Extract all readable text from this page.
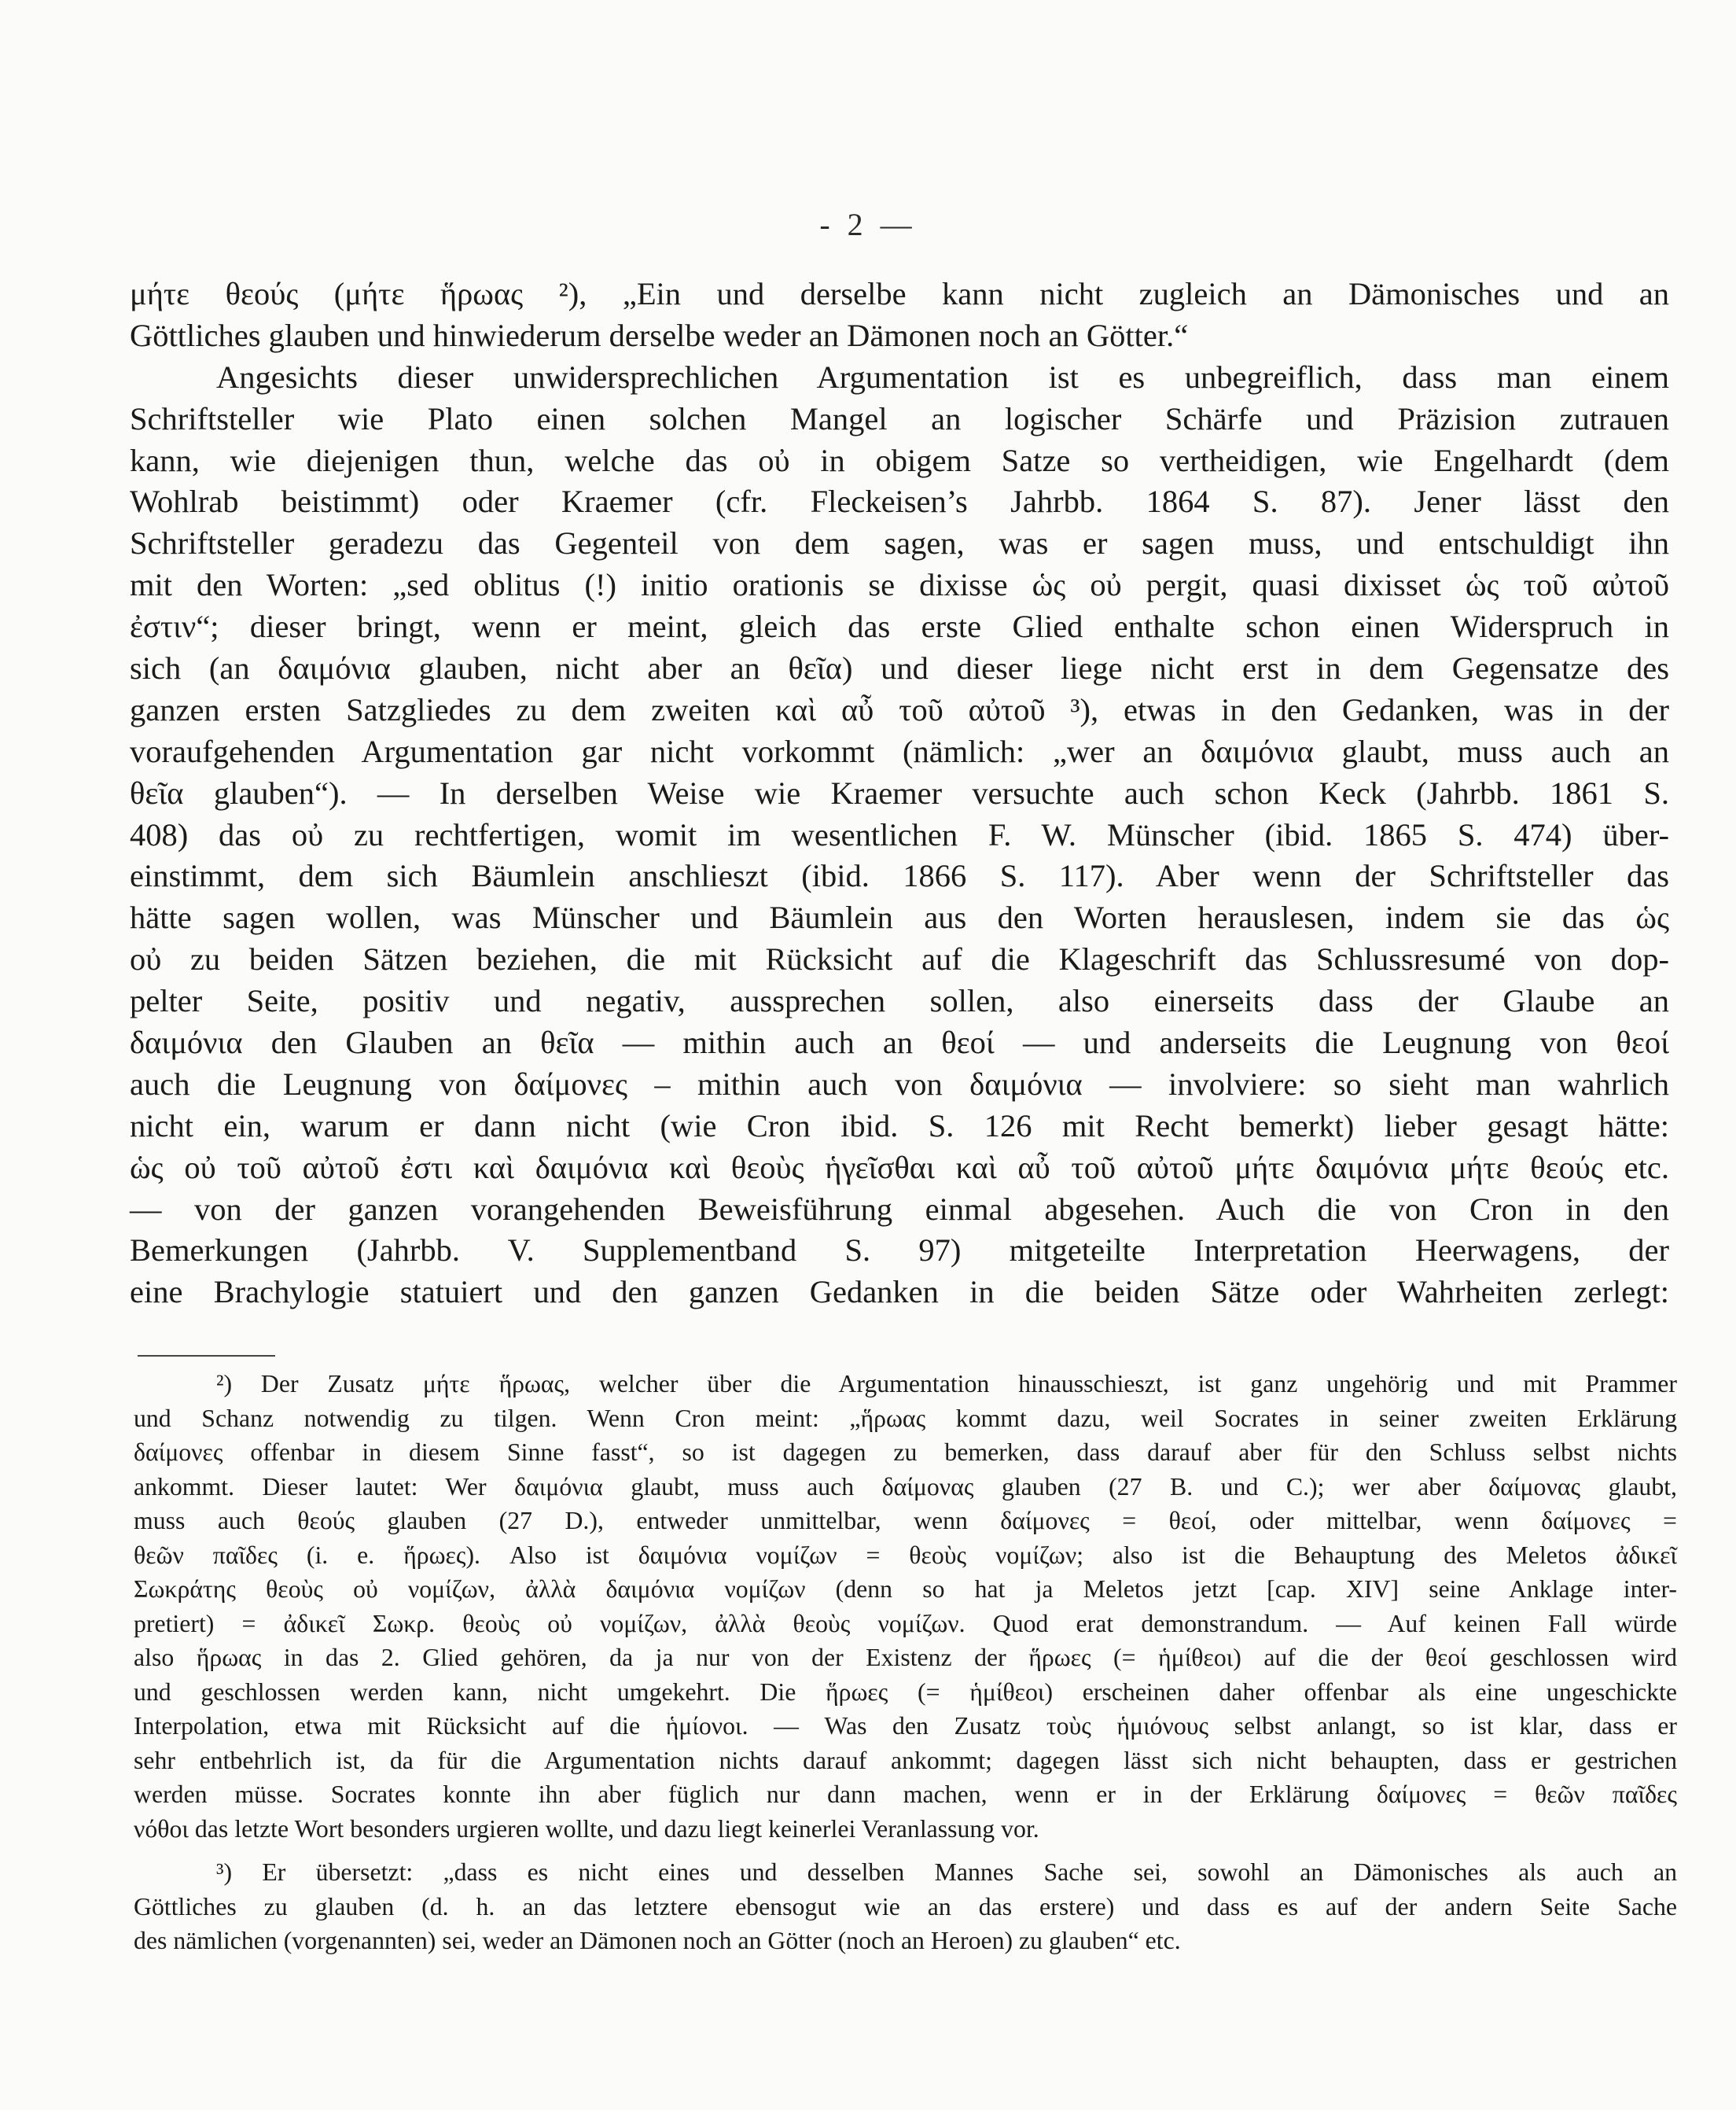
- 2 —
μήτε θεούς (μήτε ἥρωας ²), „Ein und derselbe kann nicht zugleich an Dämonisches und an
Göttliches glauben und hinwiederum derselbe weder an Dämonen noch an Götter.“
Angesichts dieser unwidersprechlichen Argumentation ist es unbegreiflich, dass man einem
Schriftsteller wie Plato einen solchen Mangel an logischer Schärfe und Präzision zutrauen
kann, wie diejenigen thun, welche das οὐ in obigem Satze so vertheidigen, wie Engelhardt (dem
Wohlrab beistimmt) oder Kraemer (cfr. Fleckeisen’s Jahrbb. 1864 S. 87). Jener lässt den
Schriftsteller geradezu das Gegenteil von dem sagen, was er sagen muss, und entschuldigt ihn
mit den Worten: „sed oblitus (!) initio orationis se dixisse ὡς οὐ pergit, quasi dixisset ὡς τοῦ αὐτοῦ
ἐστιν“; dieser bringt, wenn er meint, gleich das erste Glied enthalte schon einen Widerspruch in
sich (an δαιμόνια glauben, nicht aber an θεῖα) und dieser liege nicht erst in dem Gegensatze des
ganzen ersten Satzgliedes zu dem zweiten καὶ αὖ τοῦ αὐτοῦ ³), etwas in den Gedanken, was in der
voraufgehenden Argumentation gar nicht vorkommt (nämlich: „wer an δαιμόνια glaubt, muss auch an
θεῖα glauben“). — In derselben Weise wie Kraemer versuchte auch schon Keck (Jahrbb. 1861 S.
408) das οὐ zu rechtfertigen, womit im wesentlichen F. W. Münscher (ibid. 1865 S. 474) über-
einstimmt, dem sich Bäumlein anschlieszt (ibid. 1866 S. 117). Aber wenn der Schriftsteller das
hätte sagen wollen, was Münscher und Bäumlein aus den Worten herauslesen, indem sie das ὡς
οὐ zu beiden Sätzen beziehen, die mit Rücksicht auf die Klageschrift das Schlussresumé von dop-
pelter Seite, positiv und negativ, aussprechen sollen, also einerseits dass der Glaube an
δαιμόνια den Glauben an θεῖα — mithin auch an θεοί — und anderseits die Leugnung von θεοί
auch die Leugnung von δαίμονες – mithin auch von δαιμόνια — involviere: so sieht man wahrlich
nicht ein, warum er dann nicht (wie Cron ibid. S. 126 mit Recht bemerkt) lieber gesagt hätte:
ὡς οὐ τοῦ αὐτοῦ ἐστι καὶ δαιμόνια καὶ θεοὺς ἡγεῖσθαι καὶ αὖ τοῦ αὐτοῦ μήτε δαιμόνια μήτε θεούς etc.
— von der ganzen vorangehenden Beweisführung einmal abgesehen. Auch die von Cron in den
Bemerkungen (Jahrbb. V. Supplementband S. 97) mitgeteilte Interpretation Heerwagens, der
eine Brachylogie statuiert und den ganzen Gedanken in die beiden Sätze oder Wahrheiten zerlegt:
²) Der Zusatz μήτε ἥρωας, welcher über die Argumentation hinausschieszt, ist ganz ungehörig und mit Prammer
und Schanz notwendig zu tilgen. Wenn Cron meint: „ἥρωας kommt dazu, weil Socrates in seiner zweiten Erklärung
δαίμονες offenbar in diesem Sinne fasst“, so ist dagegen zu bemerken, dass darauf aber für den Schluss selbst nichts
ankommt. Dieser lautet: Wer δαιμόνια glaubt, muss auch δαίμονας glauben (27 B. und C.); wer aber δαίμονας glaubt,
muss auch θεούς glauben (27 D.), entweder unmittelbar, wenn δαίμονες = θεοί, oder mittelbar, wenn δαίμονες =
θεῶν παῖδες (i. e. ἥρωες). Also ist δαιμόνια νομίζων = θεοὺς νομίζων; also ist die Behauptung des Meletos ἀδικεῖ
Σωκράτης θεοὺς οὐ νομίζων, ἀλλὰ δαιμόνια νομίζων (denn so hat ja Meletos jetzt [cap. XIV] seine Anklage inter-
pretiert) = ἀδικεῖ Σωκρ. θεοὺς οὐ νομίζων, ἀλλὰ θεοὺς νομίζων. Quod erat demonstrandum. — Auf keinen Fall würde
also ἥρωας in das 2. Glied gehören, da ja nur von der Existenz der ἥρωες (= ἡμίθεοι) auf die der θεοί geschlossen wird
und geschlossen werden kann, nicht umgekehrt. Die ἥρωες (= ἡμίθεοι) erscheinen daher offenbar als eine ungeschickte
Interpolation, etwa mit Rücksicht auf die ἡμίονοι. — Was den Zusatz τοὺς ἡμιόνους selbst anlangt, so ist klar, dass er
sehr entbehrlich ist, da für die Argumentation nichts darauf ankommt; dagegen lässt sich nicht behaupten, dass er gestrichen
werden müsse. Socrates konnte ihn aber füglich nur dann machen, wenn er in der Erklärung δαίμονες = θεῶν παῖδες
νόθοι das letzte Wort besonders urgieren wollte, und dazu liegt keinerlei Veranlassung vor.
³) Er übersetzt: „dass es nicht eines und desselben Mannes Sache sei, sowohl an Dämonisches als auch an
Göttliches zu glauben (d. h. an das letztere ebensogut wie an das erstere) und dass es auf der andern Seite Sache
des nämlichen (vorgenannten) sei, weder an Dämonen noch an Götter (noch an Heroen) zu glauben“ etc.
